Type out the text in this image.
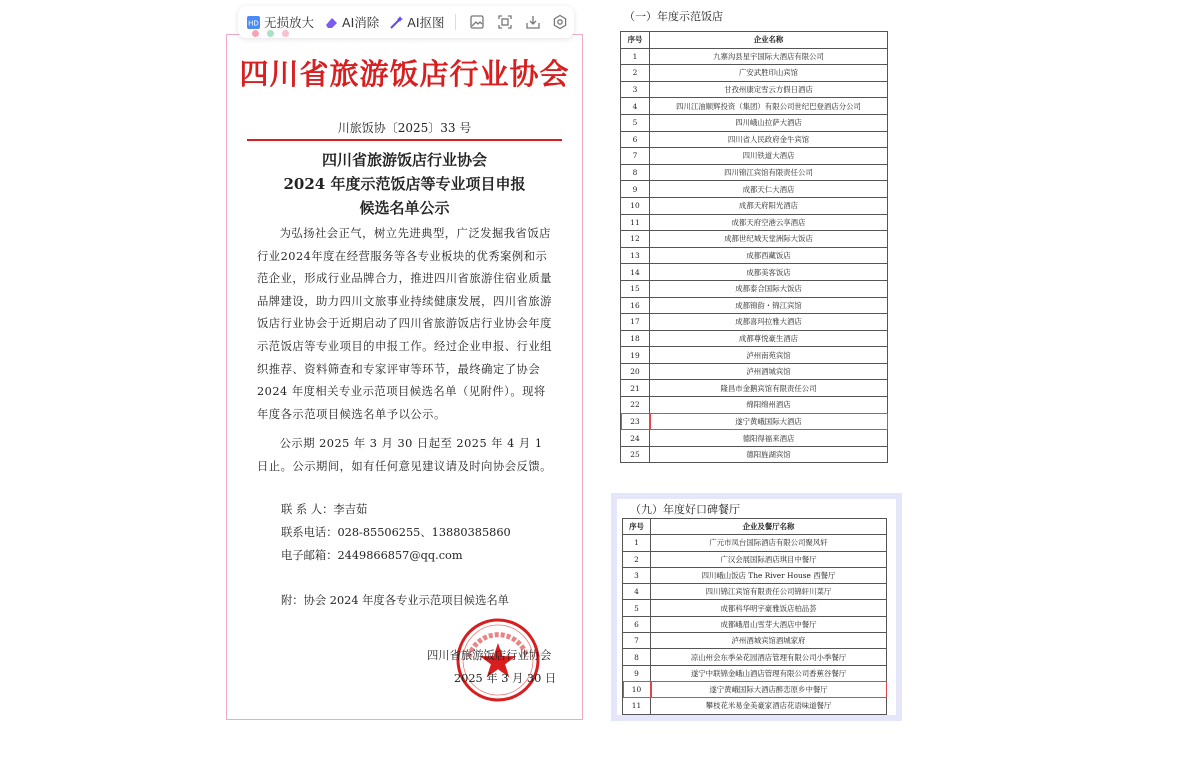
HD 无损放大 AI消除 AI抠图
四川省旅游饭店行业协会
川旅饭协〔2025〕33 号
四川省旅游饭店行业协会
2024 年度示范饭店等专业项目申报
候选名单公示
为弘扬社会正气，树立先进典型，广泛发掘我省饭店行业2024年度在经营服务等各专业板块的优秀案例和示范企业，形成行业品牌合力，推进四川省旅游住宿业质量品牌建设，助力四川文旅事业持续健康发展，四川省旅游饭店行业协会于近期启动了四川省旅游饭店行业协会年度示范饭店等专业项目的申报工作。经过企业申报、行业组织推荐、资料筛查和专家评审等环节，最终确定了协会 2024 年度相关专业示范项目候选名单（见附件）。现将年度各示范项目候选名单予以公示。
公示期 2025 年 3 月 30 日起至 2025 年 4 月 1 日止。公示期间，如有任何意见建议请及时向协会反馈。
联 系 人：李吉茹
联系电话：028-85506255、13880385860
电子邮箱：2449866857@qq.com
附：协会 2024 年度各专业示范项目候选名单
四川省旅游饭店行业协会
2025 年 3 月 30 日
（一）年度示范饭店
序号	企业名称
1	九寨沟县星宇国际大酒店有限公司
2	广安武胜印山宾馆
3	甘孜州康定雪云方假日酒店
4	四川江油顺辉投资（集团）有限公司世纪巴登酒店分公司
5	四川峨山拉萨大酒店
6	四川省人民政府金牛宾馆
7	四川铁道大酒店
8	四川锦江宾馆有限责任公司
9	成都天仁大酒店
10	成都天府阳光酒店
11	成都天府空港云享酒店
12	成都世纪城天堂洲际大饭店
13	成都西藏饭店
14	成都美客饭店
15	成都泰合国际大饭店
16	成都锦韵・锦江宾馆
17	成都喜玛拉雅大酒店
18	成都尊悦豪生酒店
19	泸州南苑宾馆
20	泸州酒城宾馆
21	隆昌市金鹅宾馆有限责任公司
22	绵阳绵州酒店
23	遂宁黄峨国际大酒店
24	德阳得福来酒店
25	德阳旌湖宾馆
（九）年度好口碑餐厅
序号	企业及餐厅名称
1	广元市凤台国际酒店有限公司聚风轩
2	广汉会展国际酒店琪目中餐厅
3	四川峨山饭店 The River House 西餐厅
4	四川锦江宾馆有限责任公司锦轩川菜厅
5	成都科华明宇豪雅饭店柏品荟
6	成都峨眉山雪芽大酒店中餐厅
7	泸州酒城宾馆酒城家府
8	凉山州会东季朵花园酒店管理有限公司小季餐厅
9	遂宁中联锦金峨山酒店管理有限公司香蕉谷餐厅
10	遂宁黄峨国际大酒店醉恋原乡中餐厅
11	攀枝花米易金美豪家酒店花语味道餐厅
